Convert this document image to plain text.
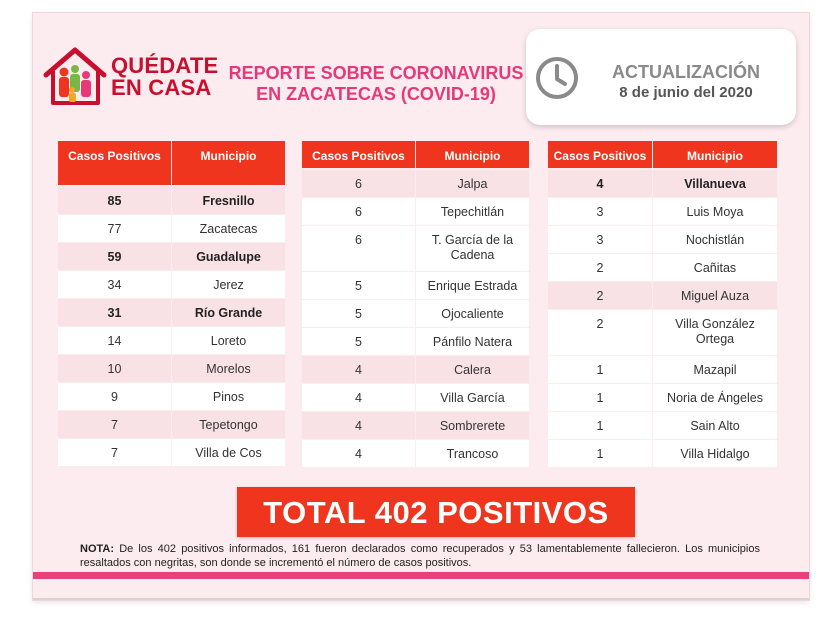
QUÉDATE
EN CASA
REPORTE SOBRE CORONAVIRUS
EN ZACATECAS (COVID-19)
ACTUALIZACIÓN
8 de junio del 2020
Casos Positivos	Municipio
85	Fresnillo
77	Zacatecas
59	Guadalupe
34	Jerez
31	Río Grande
14	Loreto
10	Morelos
9	Pinos
7	Tepetongo
7	Villa de Cos
Casos Positivos	Municipio
6	Jalpa
6	Tepechitlán
6	T. García de la Cadena
5	Enrique Estrada
5	Ojocaliente
5	Pánfilo Natera
4	Calera
4	Villa García
4	Sombrerete
4	Trancoso
Casos Positivos	Municipio
4	Villanueva
3	Luis Moya
3	Nochistlán
2	Cañitas
2	Miguel Auza
2	Villa González Ortega
1	Mazapil
1	Noria de Ángeles
1	Sain Alto
1	Villa Hidalgo
TOTAL 402 POSITIVOS
NOTA: De los 402 positivos informados, 161 fueron declarados como recuperados y 53 lamentablemente fallecieron. Los municipios resaltados con negritas, son donde se incrementó el número de casos positivos.
